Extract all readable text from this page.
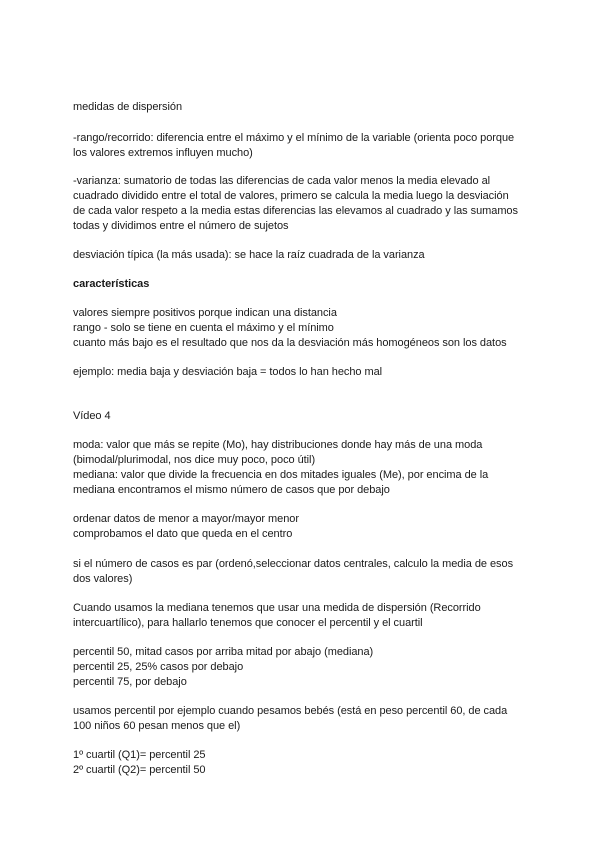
medidas de dispersión
-rango/recorrido: diferencia entre el máximo y el mínimo de la variable (orienta poco porque
los valores extremos influyen mucho)
-varianza: sumatorio de todas las diferencias de cada valor menos la media elevado al
cuadrado dividido entre el total de valores, primero se calcula la media luego la desviación
de cada valor respeto a la media estas diferencias las elevamos al cuadrado y las sumamos
todas y dividimos entre el número de sujetos
desviación típica (la más usada): se hace la raíz cuadrada de la varianza
características
valores siempre positivos porque indican una distancia
rango - solo se tiene en cuenta el máximo y el mínimo
cuanto más bajo es el resultado que nos da la desviación más homogéneos son los datos
ejemplo: media baja y desviación baja = todos lo han hecho mal
Vídeo 4
moda: valor que más se repite (Mo), hay distribuciones donde hay más de una moda
(bimodal/plurimodal, nos dice muy poco, poco útil)
mediana: valor que divide la frecuencia en dos mitades iguales (Me), por encima de la
mediana encontramos el mismo número de casos que por debajo
ordenar datos de menor a mayor/mayor menor
comprobamos el dato que queda en el centro
si el número de casos es par (ordenó,seleccionar datos centrales, calculo la media de esos
dos valores)
Cuando usamos la mediana tenemos que usar una medida de dispersión (Recorrido
intercuartílico), para hallarlo tenemos que conocer el percentil y el cuartil
percentil 50, mitad casos por arriba mitad por abajo (mediana)
percentil 25, 25% casos por debajo
percentil 75, por debajo
usamos percentil por ejemplo cuando pesamos bebés (está en peso percentil 60, de cada
100 niños 60 pesan menos que el)
1º cuartil (Q1)= percentil 25
2º cuartil (Q2)= percentil 50
